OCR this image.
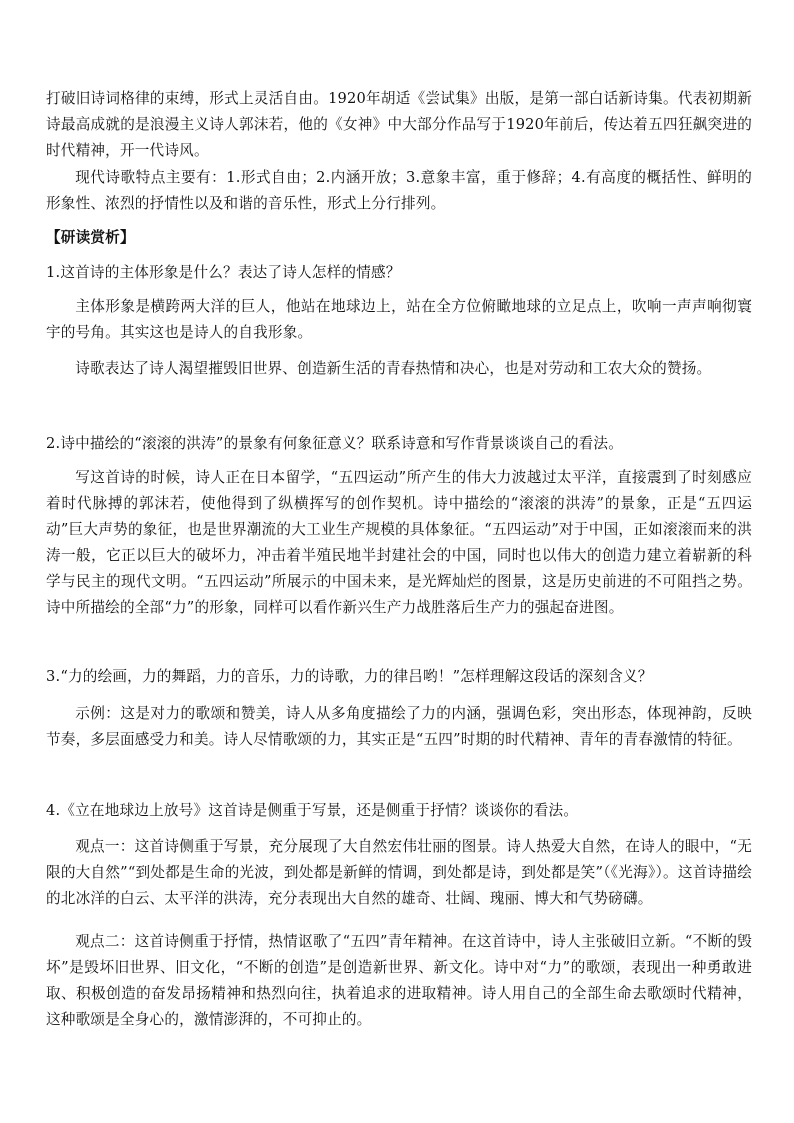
打破旧诗词格律的束缚，形式上灵活自由。1920年胡适《尝试集》出版，是第一部白话新诗集。代表初期新诗最高成就的是浪漫主义诗人郭沫若，他的《女神》中大部分作品写于1920年前后，传达着五四狂飙突进的时代精神，开一代诗风。

现代诗歌特点主要有：1.形式自由；2.内涵开放；3.意象丰富，重于修辞；4.有高度的概括性、鲜明的形象性、浓烈的抒情性以及和谐的音乐性，形式上分行排列。

【研读赏析】

1.这首诗的主体形象是什么？表达了诗人怎样的情感？

主体形象是横跨两大洋的巨人，他站在地球边上，站在全方位俯瞰地球的立足点上，吹响一声声响彻寰宇的号角。其实这也是诗人的自我形象。

诗歌表达了诗人渴望摧毁旧世界、创造新生活的青春热情和决心，也是对劳动和工农大众的赞扬。

2.诗中描绘的“滚滚的洪涛”的景象有何象征意义？联系诗意和写作背景谈谈自己的看法。

写这首诗的时候，诗人正在日本留学，“五四运动”所产生的伟大力波越过太平洋，直接震到了时刻感应着时代脉搏的郭沫若，使他得到了纵横挥写的创作契机。诗中描绘的“滚滚的洪涛”的景象，正是“五四运动”巨大声势的象征，也是世界潮流的大工业生产规模的具体象征。“五四运动”对于中国，正如滚滚而来的洪涛一般，它正以巨大的破坏力，冲击着半殖民地半封建社会的中国，同时也以伟大的创造力建立着崭新的科学与民主的现代文明。“五四运动”所展示的中国未来，是光辉灿烂的图景，这是历史前进的不可阻挡之势。诗中所描绘的全部“力”的形象，同样可以看作新兴生产力战胜落后生产力的强起奋进图。

3.“力的绘画，力的舞蹈，力的音乐，力的诗歌，力的律吕哟！”怎样理解这段话的深刻含义？

示例：这是对力的歌颂和赞美，诗人从多角度描绘了力的内涵，强调色彩，突出形态，体现神韵，反映节奏，多层面感受力和美。诗人尽情歌颂的力，其实正是“五四”时期的时代精神、青年的青春激情的特征。

4.《立在地球边上放号》这首诗是侧重于写景，还是侧重于抒情？谈谈你的看法。

观点一：这首诗侧重于写景，充分展现了大自然宏伟壮丽的图景。诗人热爱大自然，在诗人的眼中，“无限的大自然”“到处都是生命的光波，到处都是新鲜的情调，到处都是诗，到处都是笑”（《光海》）。这首诗描绘的北冰洋的白云、太平洋的洪涛，充分表现出大自然的雄奇、壮阔、瑰丽、博大和气势磅礴。

观点二：这首诗侧重于抒情，热情讴歌了“五四”青年精神。在这首诗中，诗人主张破旧立新。“不断的毁坏”是毁坏旧世界、旧文化，“不断的创造”是创造新世界、新文化。诗中对“力”的歌颂，表现出一种勇敢进取、积极创造的奋发昂扬精神和热烈向往，执着追求的进取精神。诗人用自己的全部生命去歌颂时代精神，这种歌颂是全身心的，激情澎湃的，不可抑止的。
